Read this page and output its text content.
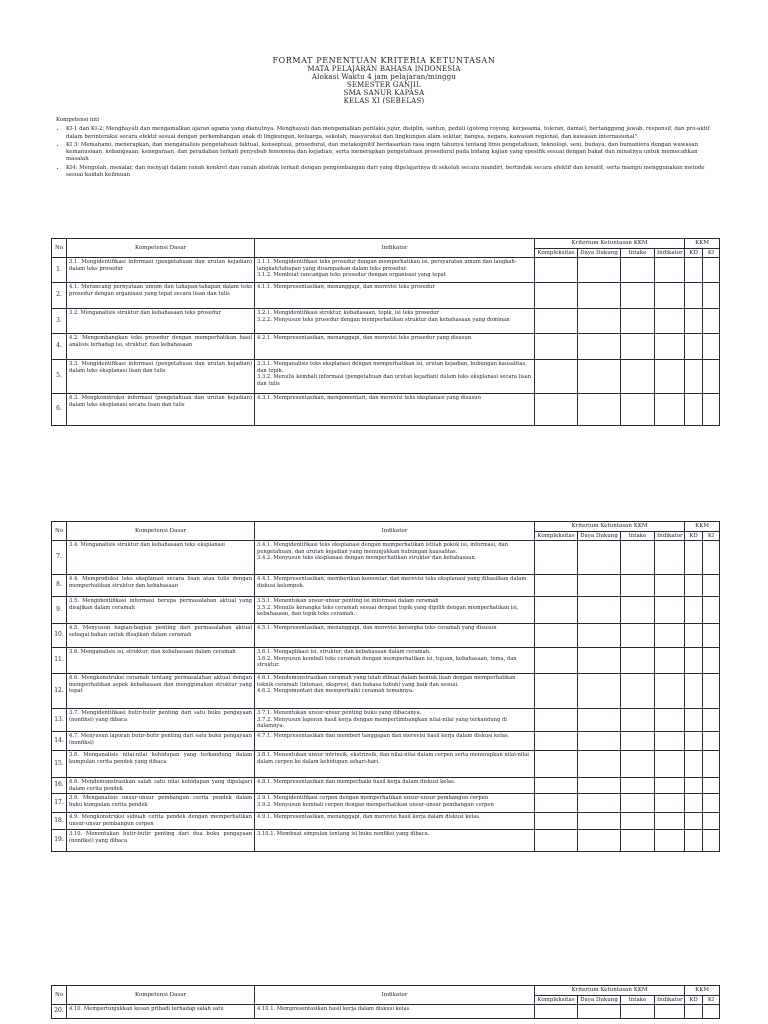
FORMAT PENENTUAN KRITERIA KETUNTASAN
MATA PELAJARAN BAHASA INDONESIA
Alokasi Waktu 4 jam pelajaran/minggu
SEMESTER GANJIL
SMA SANUR KAPASA
KELAS XI (SEBELAS)
Kompetensi inti
• KI-1 dan KI-2: Menghayati dan mengamalkan ajaran agama yang dianutnya. Menghayati dan mengamalkan perilaku jujur, disiplin, santun, peduli (gotong royong, kerjasama, toleran, damai), bertanggung jawab, responsif, dan pro-aktif dalam berinteraksi secara efektif sesuai dengan perkembangan anak di lingkungan, keluarga, sekolah, masyarakat dan lingkungan alam sekitar, bangsa, negara, kawasan regional, dan kawasan internasional".
• KI 3: Memahami, menerapkan, dan menganalisis pengetahuan faktual, konseptual, prosedural, dan metakognitif berdasarkan rasa ingin tahunya tentang ilmu pengetahuan, teknologi, seni, budaya, dan humaniora dengan wawasan kemanusiaan, kebangsaan, kenegaraan, dan peradaban terkait penyebab fenomena dan kejadian, serta menerapkan pengetahuan prosedural pada bidang kajian yang spesifik sesuai dengan bakat dan minatnya untuk memecahkan masalah
• KI4: Mengolah, menalar, dan menyaji dalam ranah konkret dan ranah abstrak terkait dengan pengembangan dari yang dipelajarinya di sekolah secara mandiri, bertindak secara efektif dan kreatif, serta mampu menggunakan metode sesuai kaidah keilmuan
No	Kompetensi Dasar	Indikator	Kriterium Ketuntasan KKM				KKM	
			Kompleksitas	Daya Dukung	Intake	Indikator	KD	KI
1.	3.1. Mengidentifikasi informasi (pengetahuan dan urutan kejadian) dalam teks prosedur	3.1.1. Mengidentifikasi teks prosedur dengan memperhatikan isi, persyaratan umum dan langkah-langkah/tahapan yang disampaikan dalam teks prosedur.

3.1.2. Membuat rancangan teks prosedur dengan organisasi yang tepat						

2.	4.1. Merancang pernyataan umum dan tahapan-tahapan dalam teks prosedur dengan organisasi yang tepat secara lisan dan tulis	4.1.1. Mempresentasikan, menanggapi, dan merevisi teks prosedur						

3.	3.2. Menganalisis struktur dan kebahasaan teks prosedur	3.2.1. Mengidentifikasi struktur, kebahasaan, topik, isi teks prosedur

3.2.2. Menyusun teks prosedur dengan memperhatikan struktur dan kebahasaan yang dominan						

4.	4.2. Mengembangkan teks prosedur dengan memperhatikan hasil analisis terhadap isi, struktur, dan kebahasaan	4.2.1. Mempresentasikan, menanggapi, dan merevisi teks prosedur yang disusun						

5.	3.3. Mengidentifikasi informasi (pengetahuan dan urutan kejadian) dalam teks eksplanasi lisan dan tulis	3.3.1. Menganalisis teks eksplanasi dengan memperhatikan isi, urutan kejadian, hubungan kausalitas, dan topik.

3.3.2. Menulis kembali informasi (pengetahuan dan urutan kejadian) dalam teks eksplanasi secara lisan dan tulis						

6.	4.3. Mengkonstruksi informasi (pengetahuan dan urutan kejadian) dalam teks eksplanasi secara lisan dan tulis	4.3.1. Mempresentasikan, mengomentari, dan merevisi teks eksplanasi yang disusun						

No	Kompetensi Dasar	Indikator	Kriterium Ketuntasan KKM				KKM	
			Kompleksitas	Daya Dukung	Intake	Indikator	KD	KI
7.	3.4. Menganalisis struktur dan kebahasaan teks eksplanasi	3.4.1. Mengidentifikasi teks eksplanasi dengan memperhatikan istilah pokok isi, informasi, dan pengetahuan, dan urutan kejadian yang menunjukkan hubungan kausalitas.

3.4.2. Menyusun teks eksplanasi dengan memperhatikan struktur dan kebahasaan.						

8.	4.4. Memproduksi teks eksplanasi secara lisan atau tulis dengan memperhatikan struktur dan kebahasaan	4.4.1. Mempresentasikan, memberikan komentar, dan merevisi teks eksplanasi yang dihasilkan dalam diskusi kelompok.						

9.	3.5. Mengidentifikasi informasi berupa permasalahan aktual yang disajikan dalam ceramah	3.5.1. Menentukan unsur-unsur penting isi informasi dalam ceramah

3.5.2. Menulis kerangka teks ceramah sesuai dengan topik yang dipilih dengan memperhatikan isi, kebahasaan, dan topik teks ceramah.						

10.	4.5. Menyusun bagian-bagian penting dari permasalahan aktual sebagai bahan untuk disajikan dalam ceramah	4.5.1. Mempresentasikan, menanggapi, dan merevisi kerangka teks ceramah yang disusun						

11.	3.6. Menganalisis isi, struktur, dan kebahasaan dalam ceramah	3.6.1. Mengaplikasi isi, struktur, dan kebahasaan dalam ceramah.

3.6.2. Menyusun kembali teks ceramah dengan memperhatikan isi, tujuan, kebahasaan, tema, dan struktur.						

12.	4.6. Mengkonstruksi ceramah tentang permasalahan aktual dengan memperhatikan aspek kebahasaan dan menggunakan struktur yang tepat	4.6.1. Mendemonstrasikan ceramah yang telah dibuat dalam bentuk lisan dengan memperhatikan teknik ceramah (intonasi, ekspresi, dan bahasa tubuh) yang baik dan sesuai.

4.6.2. Mengomentari dan memperbaiki ceramah temannya.						

13.	3.7. Mengidentifikasi butir-butir penting dari satu buku pengayaan (nonfiksi) yang dibaca	3.7.1. Menentukan unsur-unsur penting buku yang dibacanya.

3.7.2. Menyusun laporan hasil kerja dengan mempertimbangkan nilai-nilai yang terkandung di dalamnya.						

14.	4.7. Menyusun laporan butir-butir penting dari satu buku pengayaan (nonfiksi)	4.7.1. Mempresentasikan dan memberi tanggapan dan merevisi hasil kerja dalam diskusi kelas.						

15.	3.8. Menganalisis nilai-nilai kehidupan yang terkandung dalam kumpulan cerita pendek yang dibaca	3.8.1. Menentukan unsur intrinsik, ekstrinsik, dan nilai-nilai dalam cerpen serta menerapkan nilai-nilai dalam cerpen ke dalam kehidupan sehari-hari.						

16.	4.8. Mendemonstrasikan salah satu nilai kehidupan yang dipelajari dalam cerita pendek	4.8.1. Mempresentasikan dan memperbaiki hasil kerja dalam diskusi kelas.						

17.	3.9. Menganalisis unsur-unsur pembangun cerita pendek dalam buku kumpulan cerita pendek	3.9.1. Mengidentifikasi cerpen dengan memperhatikan unsur-unsur pembangun cerpen

3.9.2. Menyusun kembali cerpen dengan memperhatikan unsur-unsur pembangun cerpen						

18.	4.9. Mengkonstruksi sebuah cerita pendek dengan memperhatikan unsur-unsur pembangun cerpen	4.9.1. Mempresentasikan, menanggapi, dan merevisi hasil kerja dalam diskusi kelas.						

19.	3.10. Menentukan butir-butir penting dari dua buku pengayaan (nonfiksi) yang dibaca	3.10.1. Membuat simpulan tentang isi buku nonfiksi yang dibaca.						

No	Kompetensi Dasar	Indikator	Kriterium Ketuntasan KKM				KKM	
			Kompleksitas	Daya Dukung	Intake	Indikator	KD	KI
20.	4.10. Mempertunjukkan kesan pribadi terhadap salah satu	4.10.1. Mempresentasikan hasil kerja dalam diskusi kelas.						
